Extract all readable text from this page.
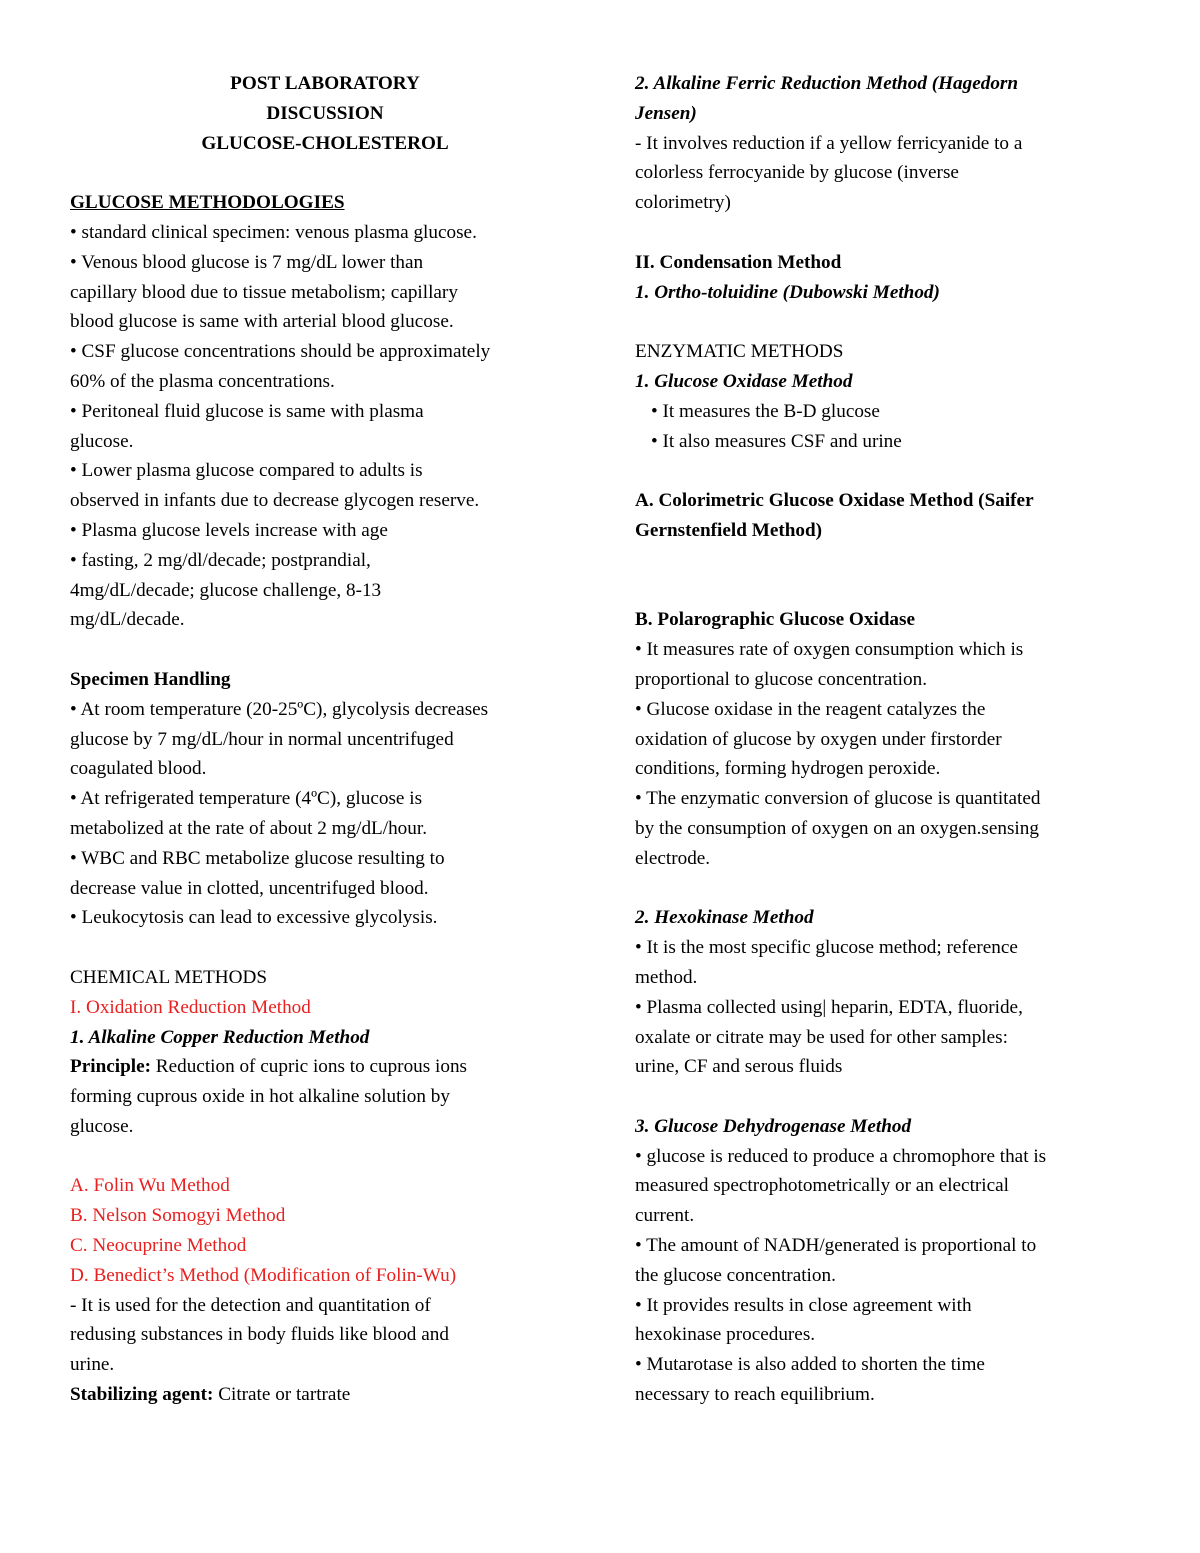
POST LABORATORY
DISCUSSION
GLUCOSE-CHOLESTEROL
GLUCOSE METHODOLOGIES
• standard clinical specimen: venous plasma glucose.
• Venous blood glucose is 7 mg/dL lower than
capillary blood due to tissue metabolism; capillary
blood glucose is same with arterial blood glucose.
• CSF glucose concentrations should be approximately
60% of the plasma concentrations.
• Peritoneal fluid glucose is same with plasma
glucose.
• Lower plasma glucose compared to adults is
observed in infants due to decrease glycogen reserve.
• Plasma glucose levels increase with age
• fasting, 2 mg/dl/decade; postprandial,
4mg/dL/decade; glucose challenge, 8-13
mg/dL/decade.
Specimen Handling
• At room temperature (20-25ºC), glycolysis decreases
glucose by 7 mg/dL/hour in normal uncentrifuged
coagulated blood.
• At refrigerated temperature (4ºC), glucose is
metabolized at the rate of about 2 mg/dL/hour.
• WBC and RBC metabolize glucose resulting to
decrease value in clotted, uncentrifuged blood.
• Leukocytosis can lead to excessive glycolysis.
CHEMICAL METHODS
I. Oxidation Reduction Method
1. Alkaline Copper Reduction Method
Principle: Reduction of cupric ions to cuprous ions
forming cuprous oxide in hot alkaline solution by
glucose.
A. Folin Wu Method
B. Nelson Somogyi Method
C. Neocuprine Method
D. Benedict’s Method (Modification of Folin-Wu)
- It is used for the detection and quantitation of
redusing substances in body fluids like blood and
urine.
Stabilizing agent: Citrate or tartrate
2. Alkaline Ferric Reduction Method (Hagedorn
Jensen)
- It involves reduction if a yellow ferricyanide to a
colorless ferrocyanide by glucose (inverse
colorimetry)
II. Condensation Method
1. Ortho-toluidine (Dubowski Method)
ENZYMATIC METHODS
1. Glucose Oxidase Method
• It measures the B-D glucose
• It also measures CSF and urine
A. Colorimetric Glucose Oxidase Method (Saifer
Gernstenfield Method)
B. Polarographic Glucose Oxidase
• It measures rate of oxygen consumption which is
proportional to glucose concentration.
• Glucose oxidase in the reagent catalyzes the
oxidation of glucose by oxygen under firstorder
conditions, forming hydrogen peroxide.
• The enzymatic conversion of glucose is quantitated
by the consumption of oxygen on an oxygen.sensing
electrode.
2. Hexokinase Method
• It is the most specific glucose method; reference
method.
• Plasma collected using| heparin, EDTA, fluoride,
oxalate or citrate may be used for other samples:
urine, CF and serous fluids
3. Glucose Dehydrogenase Method
• glucose is reduced to produce a chromophore that is
measured spectrophotometrically or an electrical
current.
• The amount of NADH/generated is proportional to
the glucose concentration.
• It provides results in close agreement with
hexokinase procedures.
• Mutarotase is also added to shorten the time
necessary to reach equilibrium.
